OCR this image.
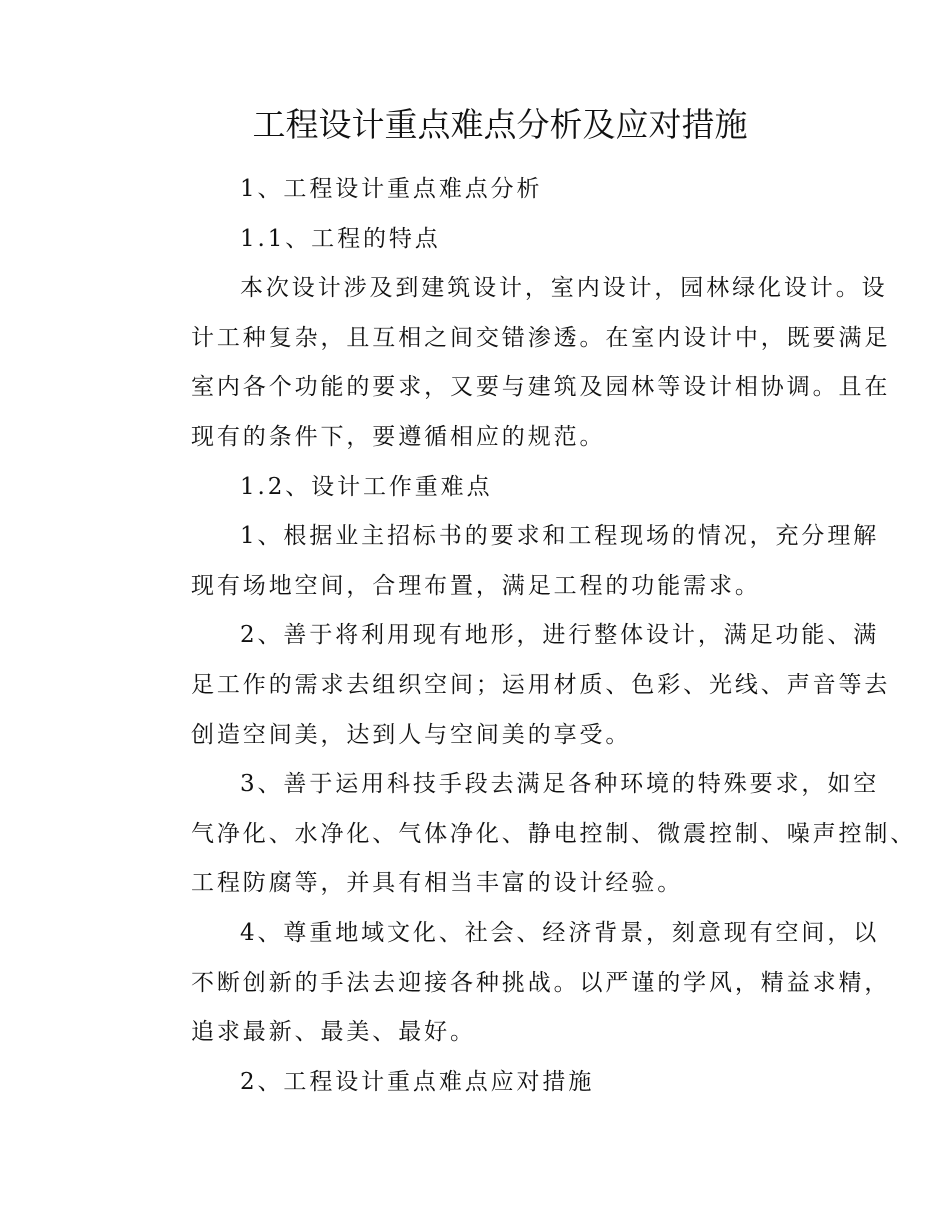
工程设计重点难点分析及应对措施
1、工程设计重点难点分析
1.1、工程的特点
本次设计涉及到建筑设计，室内设计，园林绿化设计。设
计工种复杂，且互相之间交错渗透。在室内设计中，既要满足
室内各个功能的要求，又要与建筑及园林等设计相协调。且在
现有的条件下，要遵循相应的规范。
1.2、设计工作重难点
1、根据业主招标书的要求和工程现场的情况，充分理解
现有场地空间，合理布置，满足工程的功能需求。
2、善于将利用现有地形，进行整体设计，满足功能、满
足工作的需求去组织空间；运用材质、色彩、光线、声音等去
创造空间美，达到人与空间美的享受。
3、善于运用科技手段去满足各种环境的特殊要求，如空
气净化、水净化、气体净化、静电控制、微震控制、噪声控制、
工程防腐等，并具有相当丰富的设计经验。
4、尊重地域文化、社会、经济背景，刻意现有空间，以
不断创新的手法去迎接各种挑战。以严谨的学风，精益求精，
追求最新、最美、最好。
2、工程设计重点难点应对措施
